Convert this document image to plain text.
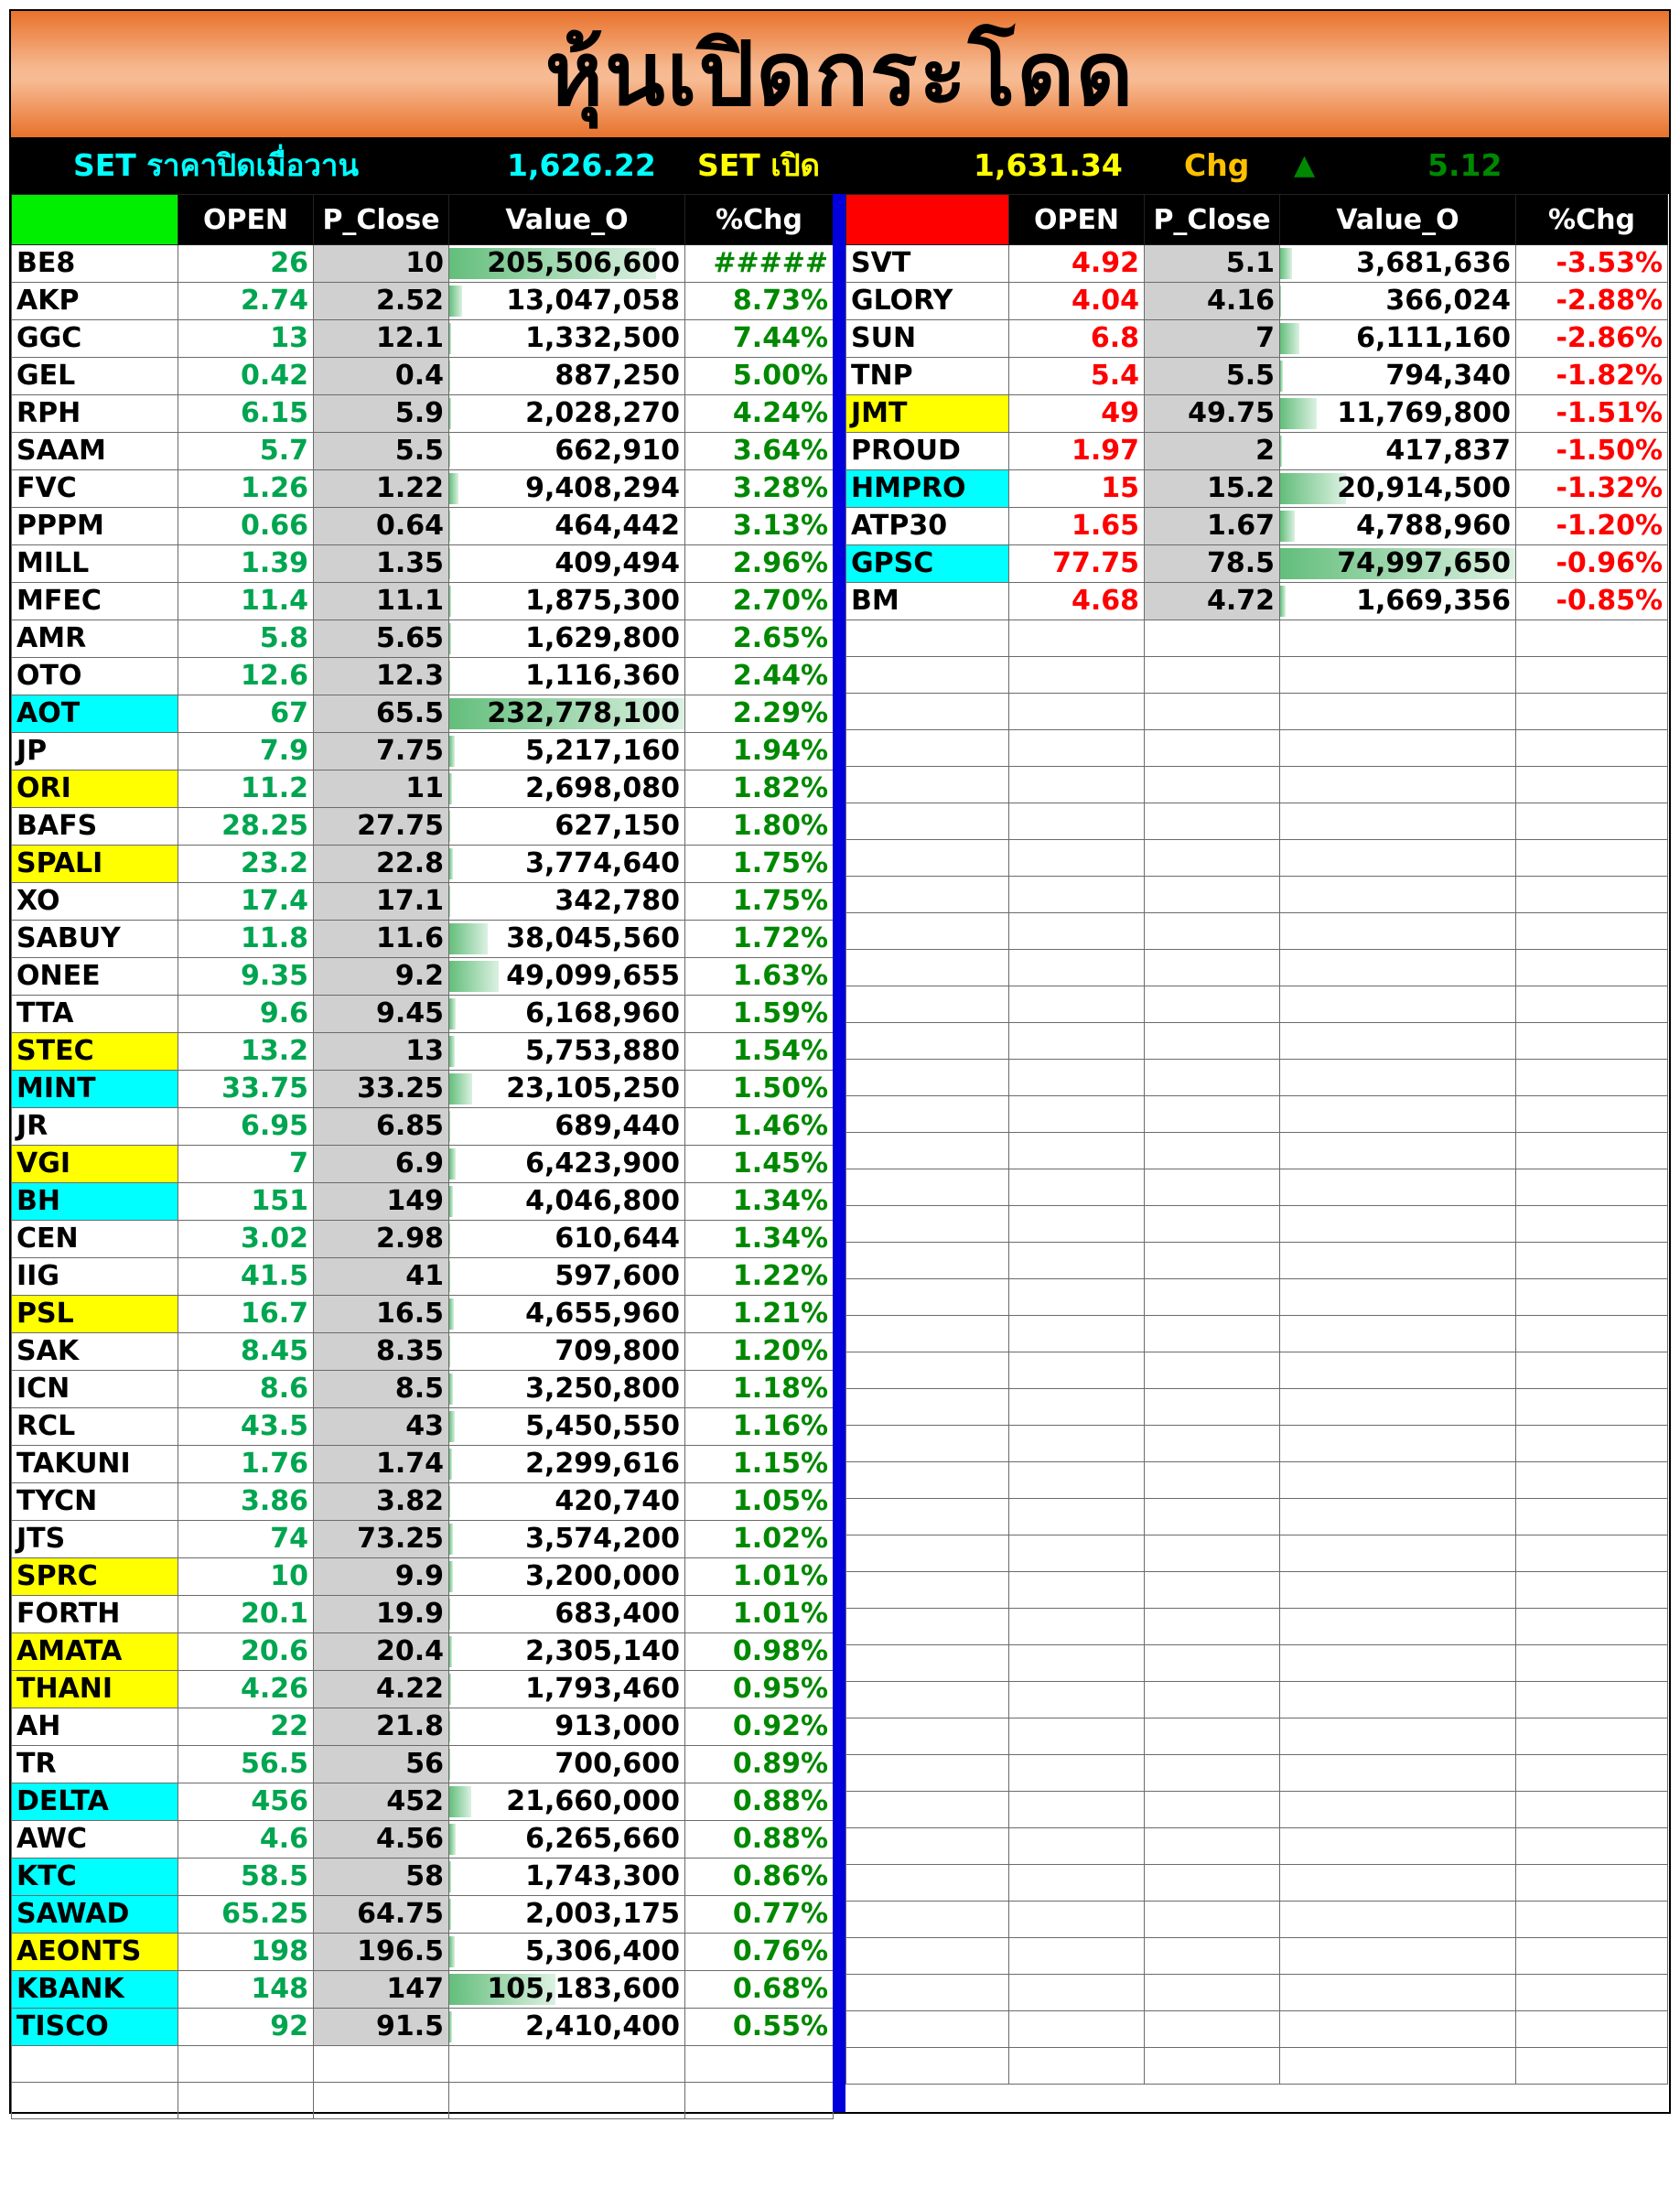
หุ้นเปิดกระโดด
SET ราคาปิดเมื่อวาน	1,626.22 SET เปิด	1,631.34 Chg ▲	5.12
	OPEN	P_Close	Value_O	%Chg
BE8	26	10	205,506,600	#####
AKP	2.74	2.52	13,047,058	8.73%
GGC	13	12.1	1,332,500	7.44%
GEL	0.42	0.4	887,250	5.00%
RPH	6.15	5.9	2,028,270	4.24%
SAAM	5.7	5.5	662,910	3.64%
FVC	1.26	1.22	9,408,294	3.28%
PPPM	0.66	0.64	464,442	3.13%
MILL	1.39	1.35	409,494	2.96%
MFEC	11.4	11.1	1,875,300	2.70%
AMR	5.8	5.65	1,629,800	2.65%
OTO	12.6	12.3	1,116,360	2.44%
AOT	67	65.5	232,778,100	2.29%
JP	7.9	7.75	5,217,160	1.94%
ORI	11.2	11	2,698,080	1.82%
BAFS	28.25	27.75	627,150	1.80%
SPALI	23.2	22.8	3,774,640	1.75%
XO	17.4	17.1	342,780	1.75%
SABUY	11.8	11.6	38,045,560	1.72%
ONEE	9.35	9.2	49,099,655	1.63%
TTA	9.6	9.45	6,168,960	1.59%
STEC	13.2	13	5,753,880	1.54%
MINT	33.75	33.25	23,105,250	1.50%
JR	6.95	6.85	689,440	1.46%
VGI	7	6.9	6,423,900	1.45%
BH	151	149	4,046,800	1.34%
CEN	3.02	2.98	610,644	1.34%
IIG	41.5	41	597,600	1.22%
PSL	16.7	16.5	4,655,960	1.21%
SAK	8.45	8.35	709,800	1.20%
ICN	8.6	8.5	3,250,800	1.18%
RCL	43.5	43	5,450,550	1.16%
TAKUNI	1.76	1.74	2,299,616	1.15%
TYCN	3.86	3.82	420,740	1.05%
JTS	74	73.25	3,574,200	1.02%
SPRC	10	9.9	3,200,000	1.01%
FORTH	20.1	19.9	683,400	1.01%
AMATA	20.6	20.4	2,305,140	0.98%
THANI	4.26	4.22	1,793,460	0.95%
AH	22	21.8	913,000	0.92%
TR	56.5	56	700,600	0.89%
DELTA	456	452	21,660,000	0.88%
AWC	4.6	4.56	6,265,660	0.88%
KTC	58.5	58	1,743,300	0.86%
SAWAD	65.25	64.75	2,003,175	0.77%
AEONTS	198	196.5	5,306,400	0.76%
KBANK	148	147	105,183,600	0.68%
TISCO	92	91.5	2,410,400	0.55%

	OPEN	P_Close	Value_O	%Chg
SVT	4.92	5.1	3,681,636	-3.53%
GLORY	4.04	4.16	366,024	-2.88%
SUN	6.8	7	6,111,160	-2.86%
TNP	5.4	5.5	794,340	-1.82%
JMT	49	49.75	11,769,800	-1.51%
PROUD	1.97	2	417,837	-1.50%
HMPRO	15	15.2	20,914,500	-1.32%
ATP30	1.65	1.67	4,788,960	-1.20%
GPSC	77.75	78.5	74,997,650	-0.96%
BM	4.68	4.72	1,669,356	-0.85%
